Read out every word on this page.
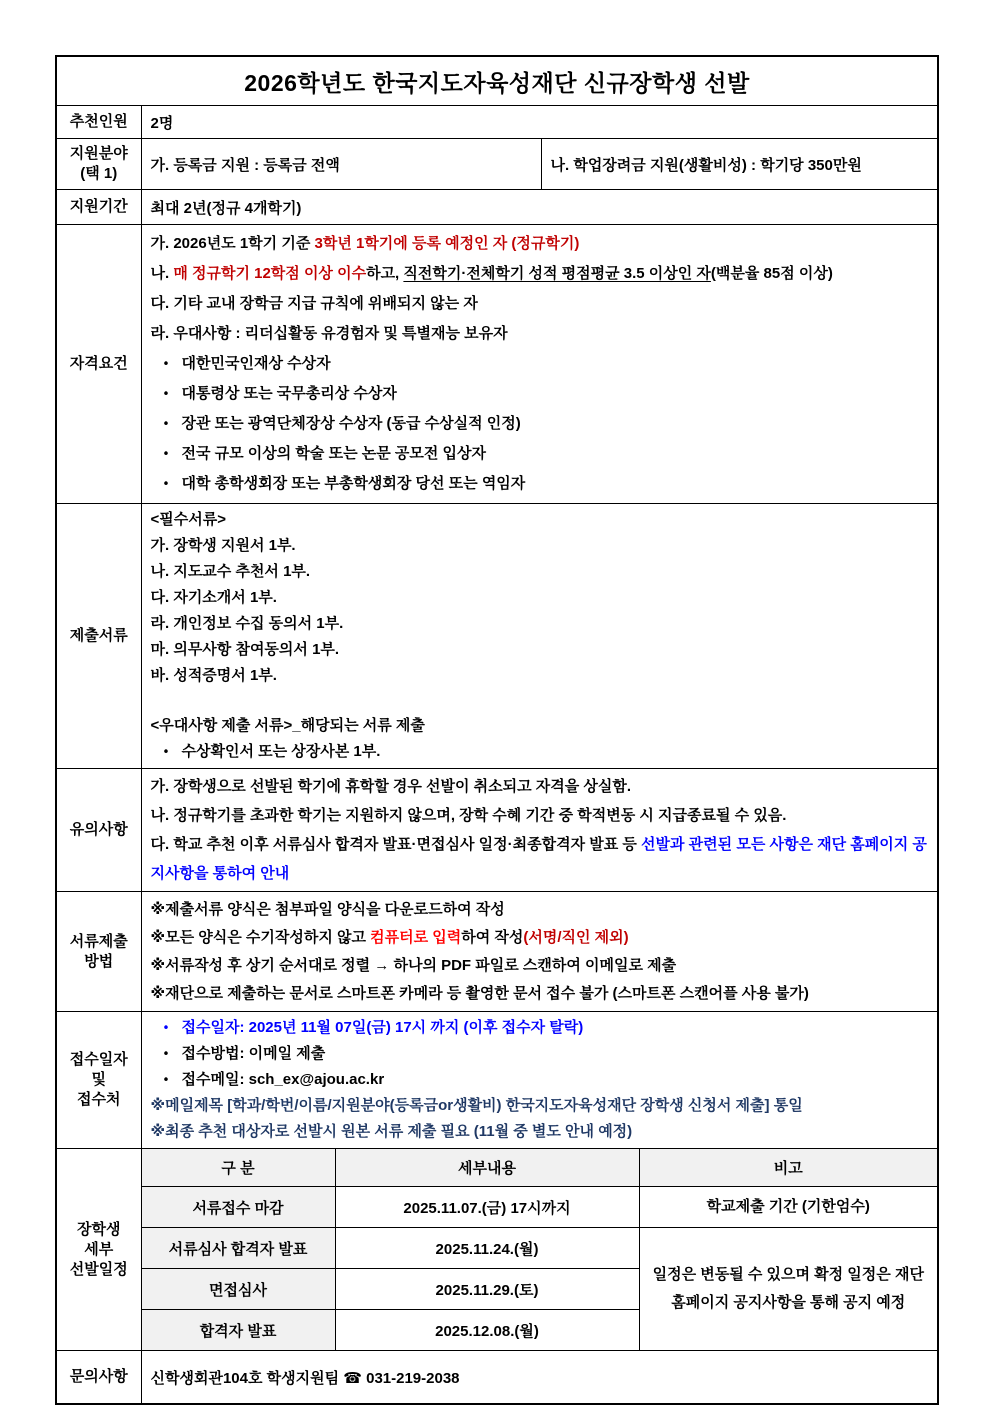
2026학년도 한국지도자육성재단 신규장학생 선발				
추천인원	2명			

지원분야
(택 1)	가. 등록금 지원 : 등록금 전액		나. 학업장려금 지원(생활비성) : 학기당 350만원	
지원기간	최대 2년(정규 4개학기)			
자격요건	
가. 2026년도 1학기 기준 3학년 1학기에 등록 예정인 자 (정규학기)
나. 매 정규학기 12학점 이상 이수하고, 직전학기·전체학기 성적 평점평균 3.5 이상인 자(백분율 85점 이상)
다. 기타 교내 장학금 지급 규칙에 위배되지 않는 자
라. 우대사항 : 리더십활동 유경험자 및 특별재능 보유자
• 대한민국인재상 수상자
• 대통령상 또는 국무총리상 수상자
• 장관 또는 광역단체장상 수상자 (동급 수상실적 인정)
• 전국 규모 이상의 학술 또는 논문 공모전 입상자
• 대학 총학생회장 또는 부총학생회장 당선 또는 역임자

제출서류	
<필수서류>
가. 장학생 지원서 1부.
나. 지도교수 추천서 1부.
다. 자기소개서 1부.
라. 개인정보 수집 동의서 1부.
마. 의무사항 참여동의서 1부.
바. 성적증명서 1부.
<우대사항 제출 서류>_해당되는 서류 제출
• 수상확인서 또는 상장사본 1부.

유의사항	가. 장학생으로 선발된 학기에 휴학할 경우 선발이 취소되고 자격을 상실함.
나. 정규학기를 초과한 학기는 지원하지 않으며, 장학 수혜 기간 중 학적변동 시 지급종료될 수 있음.
다. 학교 추천 이후 서류심사 합격자 발표·면접심사 일정·최종합격자 발표 등 선발과 관련된 모든 사항은 재단 홈페이지 공지사항을 통하여 안내			

서류제출
방법

※제출서류 양식은 첨부파일 양식을 다운로드하여 작성
※모든 양식은 수기작성하지 않고 컴퓨터로 입력하여 작성(서명/직인 제외)
※서류작성 후 상기 순서대로 정렬 → 하나의 PDF 파일로 스캔하여 이메일로 제출
※재단으로 제출하는 문서로 스마트폰 카메라 등 촬영한 문서 접수 불가 (스마트폰 스캔어플 사용 불가)

접수일자
및
접수처

• 접수일자: 2025년 11월 07일(금) 17시 까지 (이후 접수자 탈락)
• 접수방법: 이메일 제출
• 접수메일: sch_ex@ajou.ac.kr
※메일제목 [학과/학번/이름/지원분야(등록금or생활비) 한국지도자육성재단 장학생 신청서 제출] 통일
※최종 추천 대상자로 선발시 원본 서류 제출 필요 (11월 중 별도 안내 예정)

장학생
세부
선발일정	구 분	세부내용		비고
	서류접수 마감	2025.11.07.(금) 17시까지		학교제출 기간 (기한엄수)
	서류심사 합격자 발표	2025.11.24.(월)		일정은 변동될 수 있으며 확정 일정은 재단 홈페이지 공지사항을 통해 공지 예정
	면접심사	2025.11.29.(토)		
	합격자 발표	2025.12.08.(월)		
문의사항	신학생회관104호 학생지원팀 ☎ 031-219-2038			
